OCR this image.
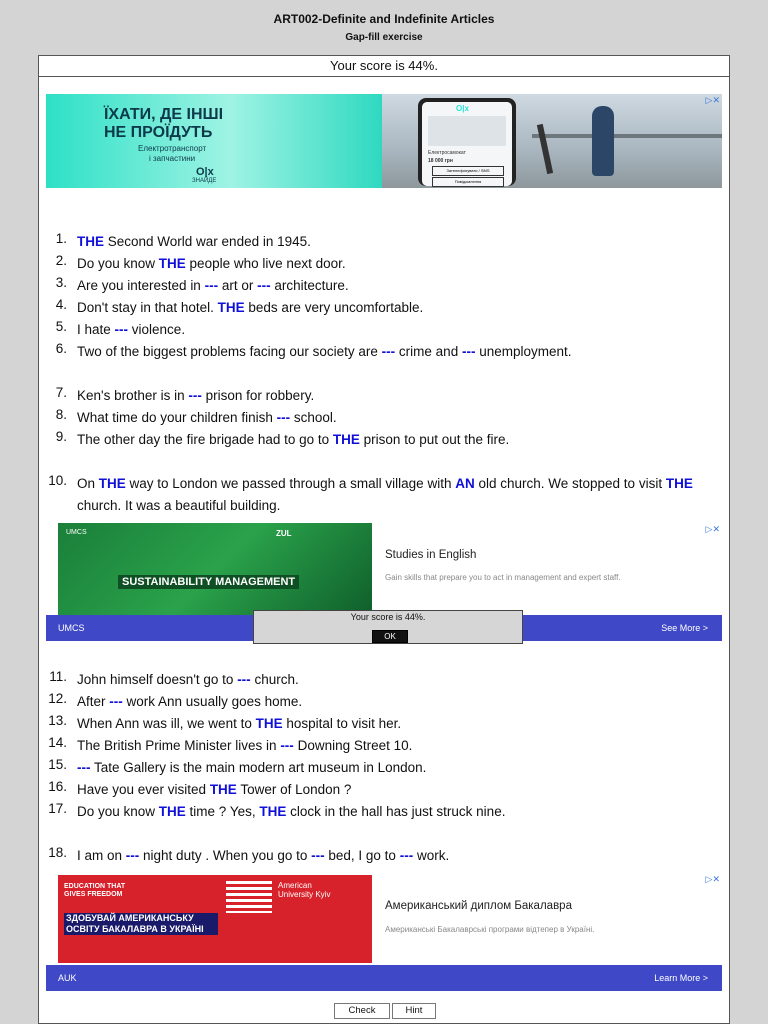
ART002-Definite and Indefinite Articles
Gap-fill exercise
Your score is 44%.
ЇХАТИ, ДЕ ІНШІ
НЕ ПРОЇДУТЬ
Електротранспорт
і запчастини
O|x
ЗНАЙДЕ
O|x
Електросамокат
18 000 грн
Зателефонувати / SMS
Повідомлення
▷✕
1. THE Second World war ended in 1945.
2. Do you know THE people who live next door.
3. Are you interested in --- art or --- architecture.
4. Don't stay in that hotel. THE beds are very uncomfortable.
5. I hate --- violence.
6. Two of the biggest problems facing our society are --- crime and --- unemployment.
7. Ken's brother is in --- prison for robbery.
8. What time do your children finish --- school.
9. The other day the fire brigade had to go to THE prison to put out the fire.
10. On THE way to London we passed through a small village with AN old church. We stopped to visit THE church. It was a beautiful building.
UMCS	ZUL
SUSTAINABILITY MANAGEMENT
Studies in English
Gain skills that prepare you to act in management and expert staff.
UMCS	See More >
▷✕
11. John himself doesn't go to --- church.
12. After --- work Ann usually goes home.
13. When Ann was ill, we went to THE hospital to visit her.
14. The British Prime Minister lives in --- Downing Street 10.
15. --- Tate Gallery is the main modern art museum in London.
16. Have you ever visited THE Tower of London ?
17. Do you know THE time ? Yes, THE clock in the hall has just struck nine.
18. I am on --- night duty . When you go to --- bed, I go to --- work.
EDUCATION THAT GIVES FREEDOM
ЗДОБУВАЙ АМЕРИКАНСЬКУ ОСВІТУ БАКАЛАВРА В УКРАЇНІ
American University Kyiv
Американський диплом Бакалавра
Американські Бакалаврські програми відтепер в Україні.
AUK	Learn More >
▷✕
Your score is 44%.
OK
Check	Hint
